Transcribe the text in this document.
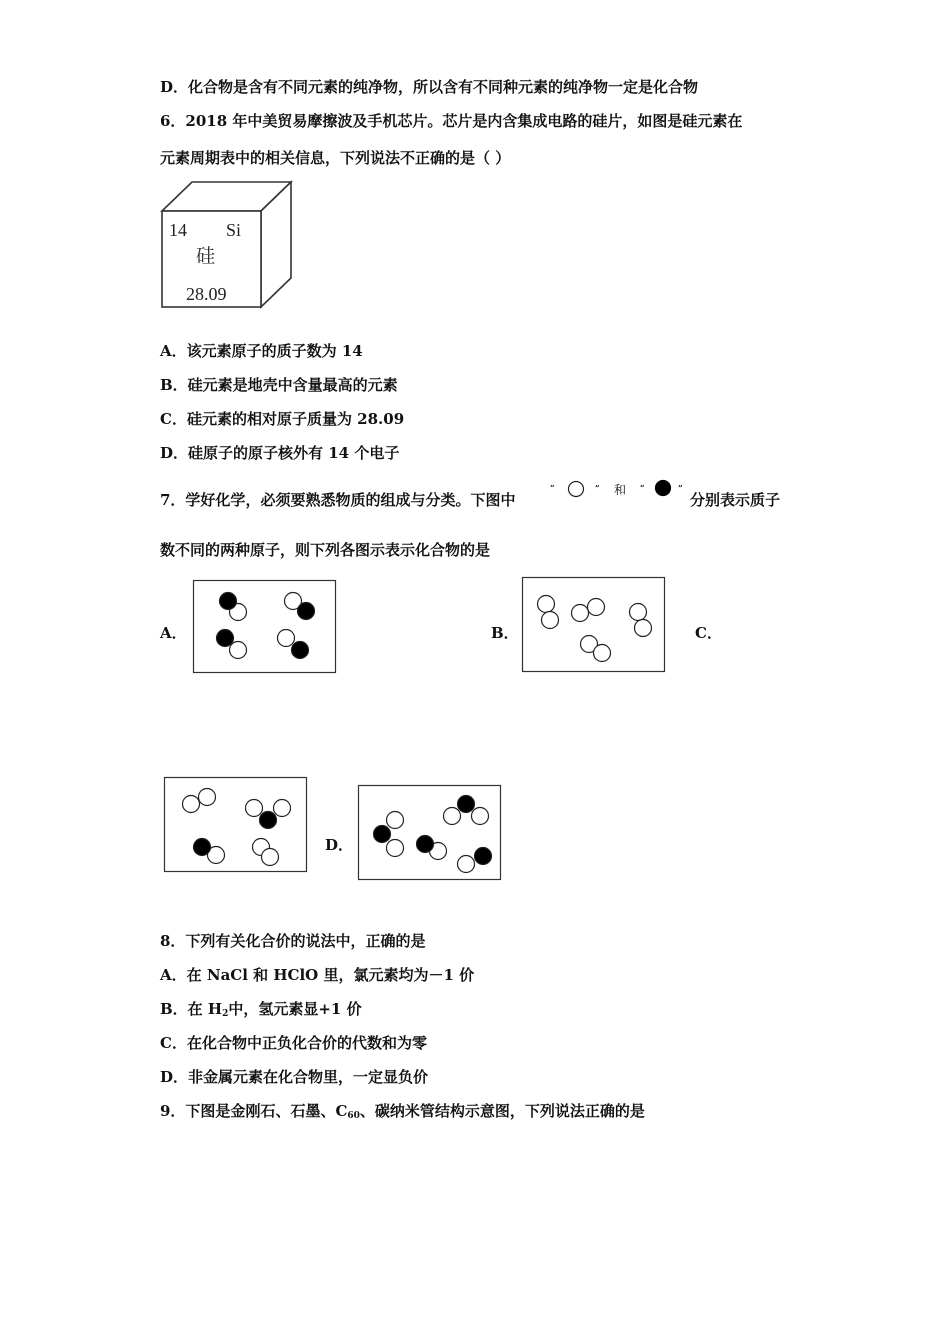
D．化合物是含有不同元素的纯净物，所以含有不同种元素的纯净物一定是化合物
6．2018 年中美贸易摩擦波及手机芯片。芯片是内含集成电路的硅片，如图是硅元素在
元素周期表中的相关信息，下列说法不正确的是（ ）
14 Si
硅
28.09
A．该元素原子的质子数为 14
B．硅元素是地壳中含量最高的元素
C．硅元素的相对原子质量为 28.09
D．硅原子的原子核外有 14 个电子
7．学好化学，必须要熟悉物质的组成与分类。下图中
“	” 和 “	”
分别表示质子
数不同的两种原子，则下列各图示表示化合物的是
A．	B．	C．
D．
8．下列有关化合价的说法中，正确的是
A．在 NaCl 和 HClO 里，氯元素均为－1 价
B．在 $H_2$中，氢元素显+1 价
C．在化合物中正负化合价的代数和为零
D．非金属元素在化合物里，一定显负价
9．下图是金刚石、石墨、$C_{60}$、碳纳米管结构示意图，下列说法正确的是
